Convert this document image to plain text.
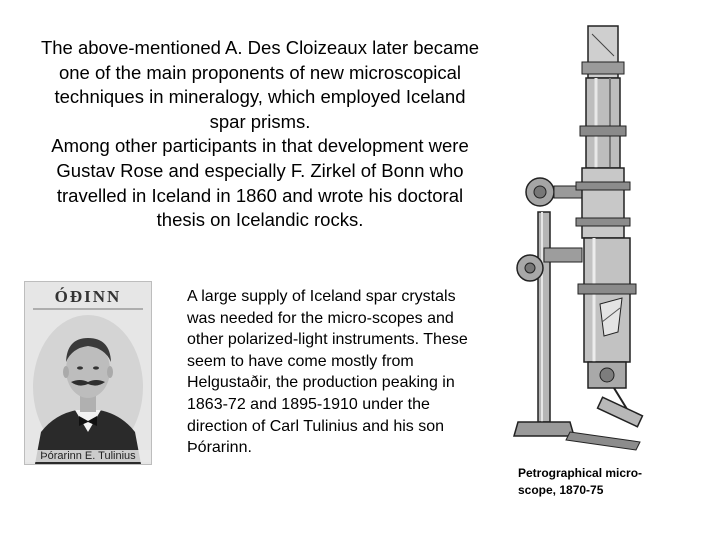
The above-mentioned A. Des Cloizeaux later became one of the main proponents of new microscopical techniques in mineralogy, which employed Iceland spar prisms.

Among other participants in that development were Gustav Rose and especially F. Zirkel of Bonn who travelled in Iceland in 1860 and wrote his doctoral thesis on Icelandic rocks.

ÓÐINN
Þórarinn E. Tulinius
A large supply of Iceland spar crystals was needed for the micro-scopes and other polarized-light instruments. These seem to have come mostly from Helgustaðir, the production peaking in 1863-72 and 1895-1910 under the direction of Carl Tulinius and his son Þórarinn.
Petrographical micro-scope, 1870-75
